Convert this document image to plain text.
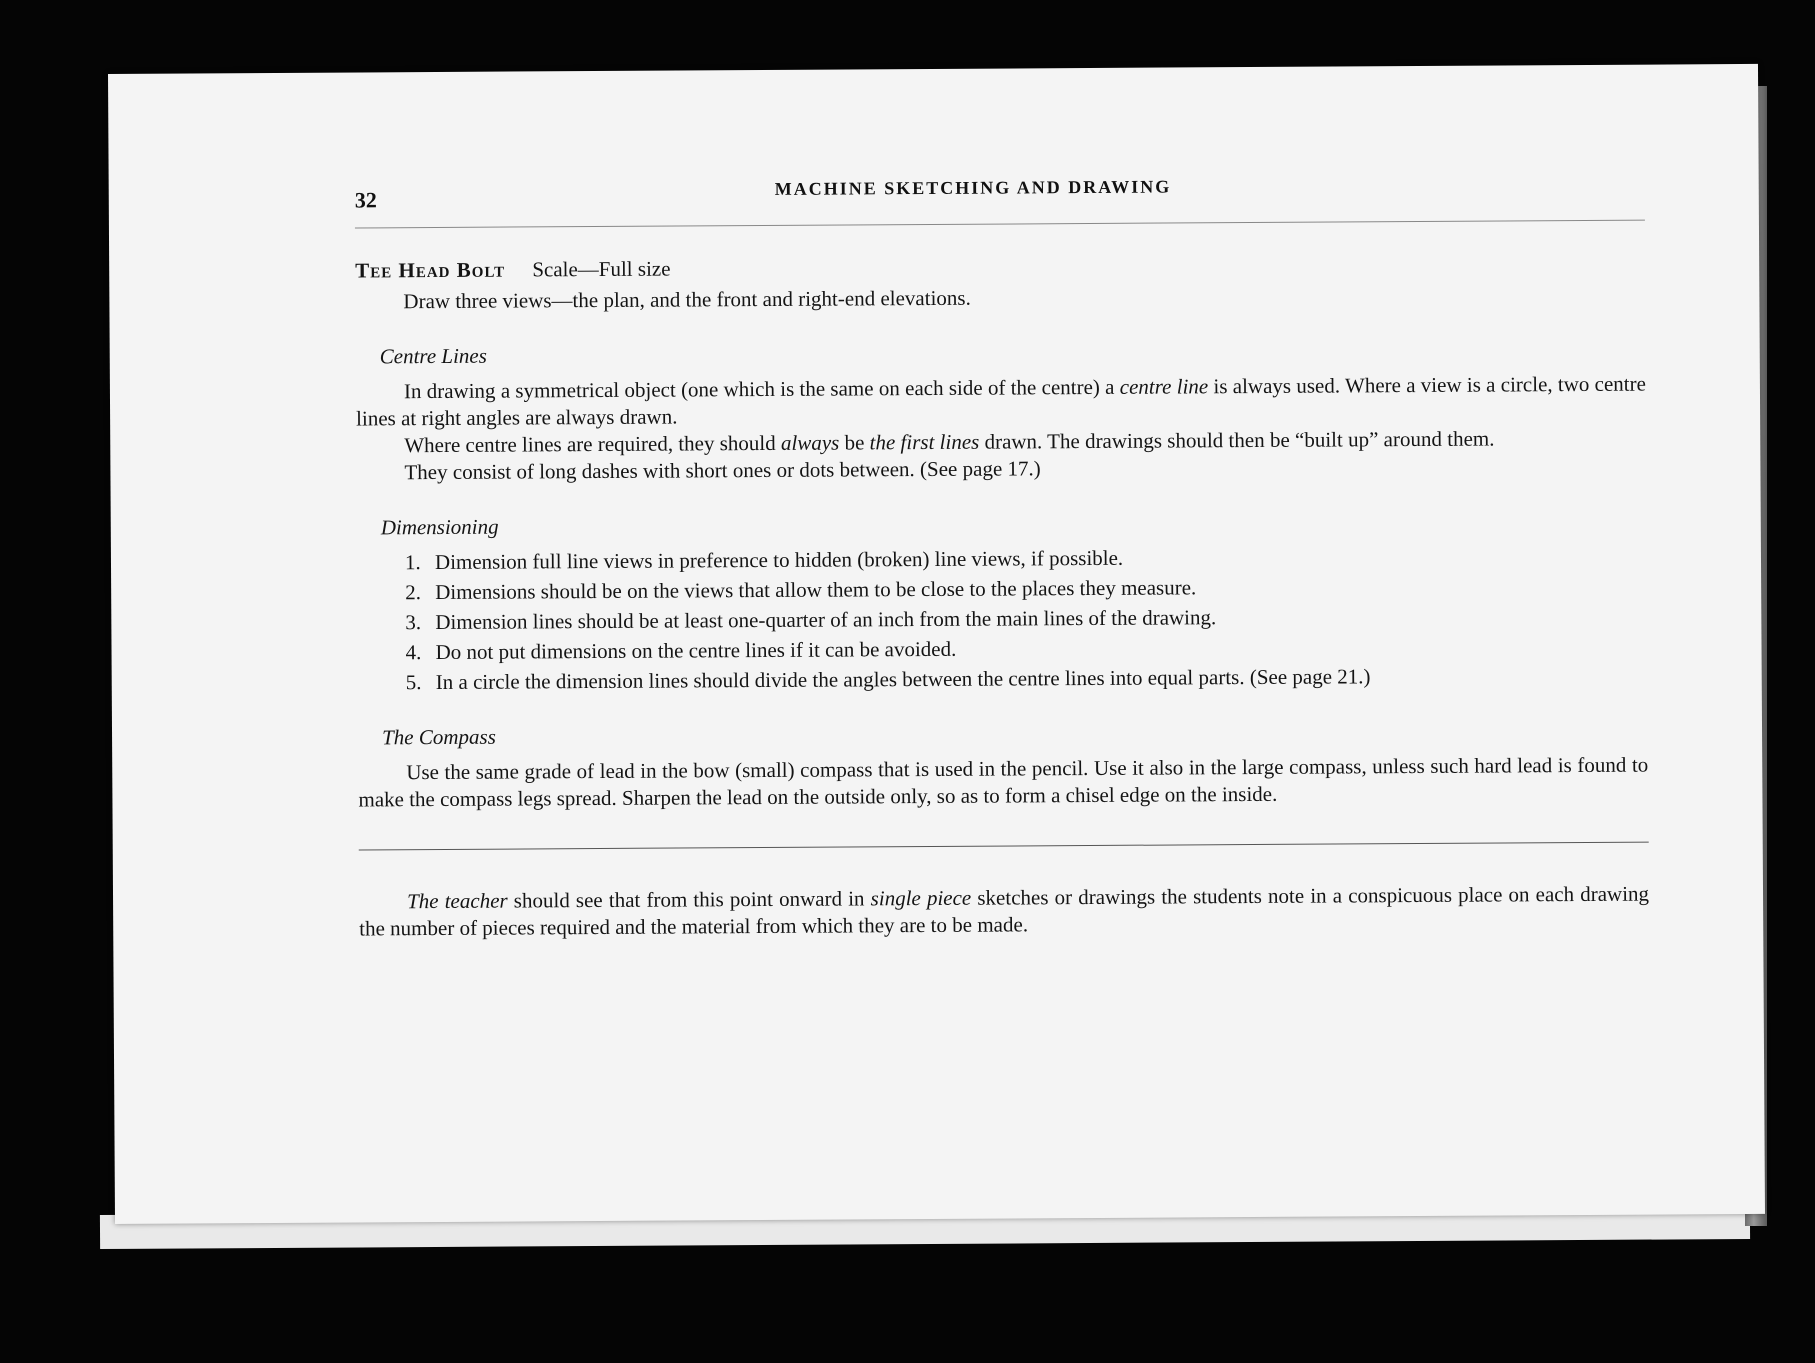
32	MACHINE SKETCHING AND DRAWING
Tee Head Bolt Scale—Full size

Draw three views—the plan, and the front and right-end elevations.

Centre Lines

In drawing a symmetrical object (one which is the same on each side of the centre) a centre line is always used. Where a view is a circle, two centre lines at right angles are always drawn.

Where centre lines are required, they should always be the first lines drawn. The drawings should then be “built up” around them.

They consist of long dashes with short ones or dots between. (See page 17.)

Dimensioning
1. Dimension full line views in preference to hidden (broken) line views, if possible.
2. Dimensions should be on the views that allow them to be close to the places they measure.
3. Dimension lines should be at least one-quarter of an inch from the main lines of the drawing.
4. Do not put dimensions on the centre lines if it can be avoided.
5. In a circle the dimension lines should divide the angles between the centre lines into equal parts. (See page 21.)
The Compass

Use the same grade of lead in the bow (small) compass that is used in the pencil. Use it also in the large compass, unless such hard lead is found to make the compass legs spread. Sharpen the lead on the outside only, so as to form a chisel edge on the inside.

The teacher should see that from this point onward in single piece sketches or drawings the students note in a conspicuous place on each drawing the number of pieces required and the material from which they are to be made.
